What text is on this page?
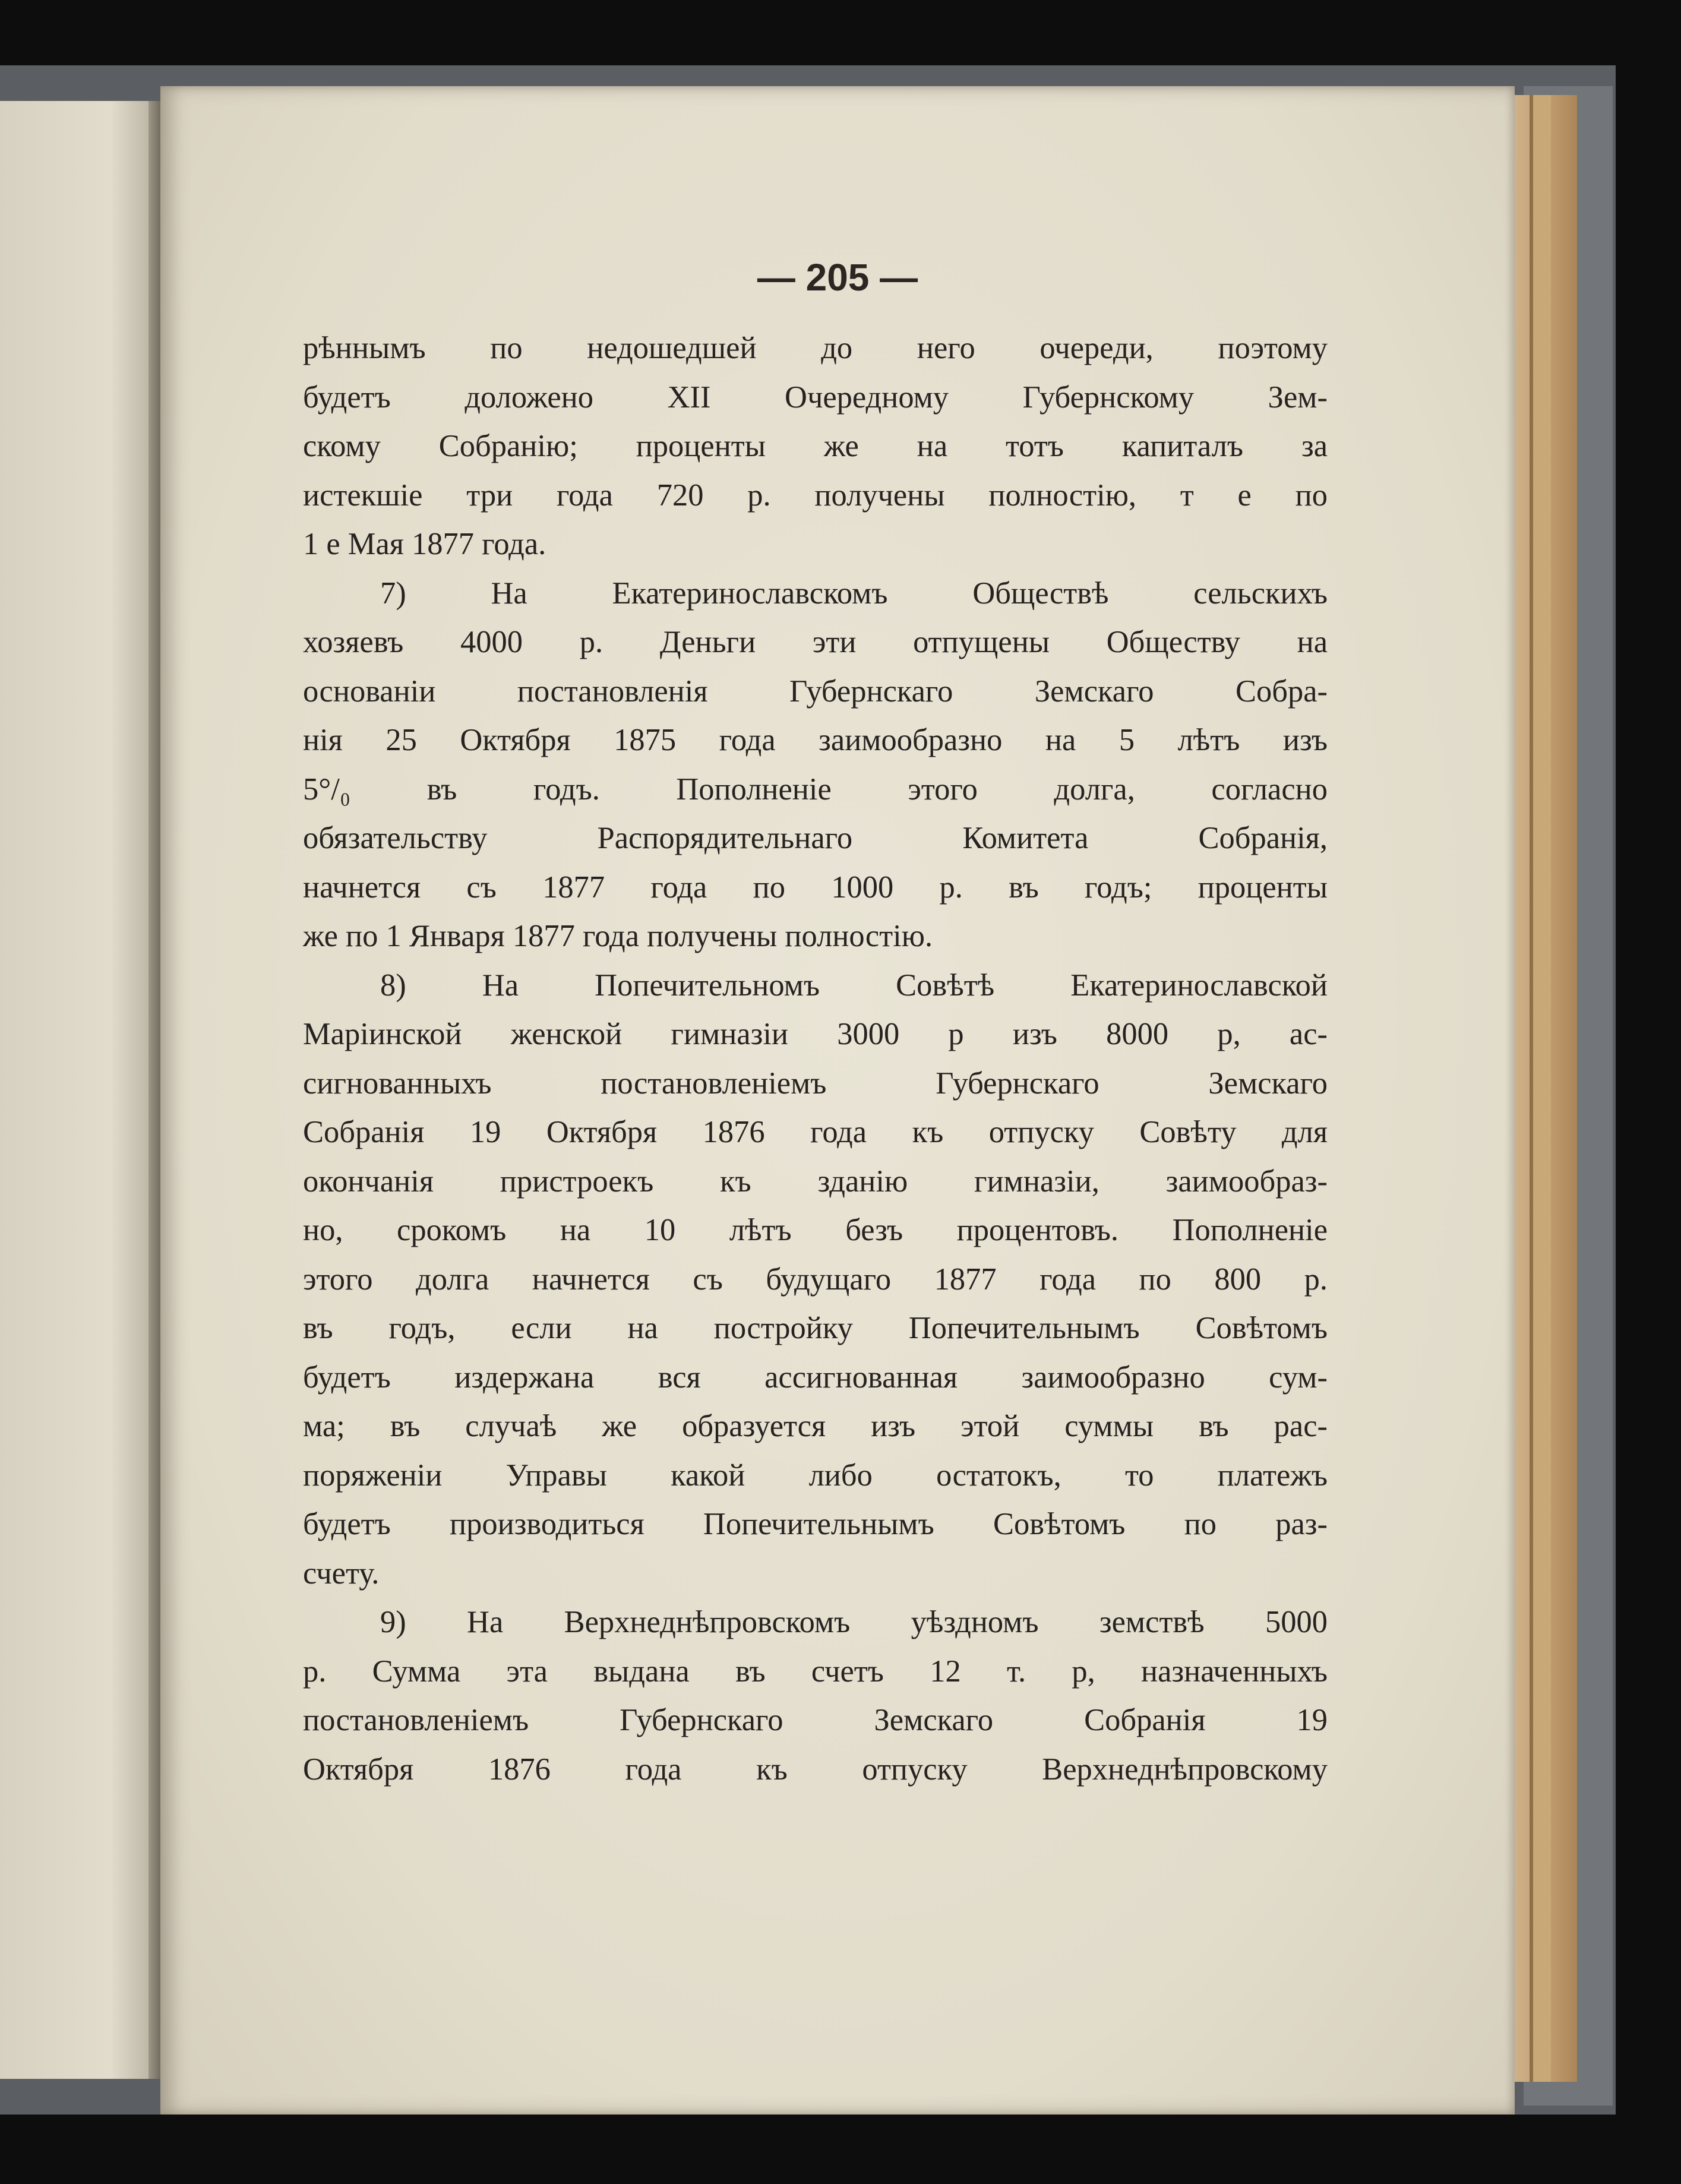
— 205 —

рѣннымъ по недошедшей до него очереди, поэтому
будетъ доложено XII Очередному Губернскому Зем-
скому Собранію; проценты же на тотъ капиталъ за
истекшіе три года 720 р. получены полностію, т е по
1 е Мая 1877 года.
7) На Екатеринославскомъ Обществѣ сельскихъ
хозяевъ 4000 р. Деньги эти отпущены Обществу на
основаніи постановленія Губернскаго Земскаго Собра-
нія 25 Октября 1875 года заимообразно на 5 лѣтъ изъ
5°/₀ въ годъ. Пополненіе этого долга, согласно
обязательству Распорядительнаго Комитета Собранія,
начнется съ 1877 года по 1000 р. въ годъ; проценты
же по 1 Января 1877 года получены полностію.
8) На Попечительномъ Совѣтѣ Екатеринославской
Маріинской женской гимназіи 3000 р изъ 8000 р, ас-
сигнованныхъ постановленіемъ Губернскаго Земскаго
Собранія 19 Октября 1876 года къ отпуску Совѣту для
окончанія пристроекъ къ зданію гимназіи, заимообраз-
но, срокомъ на 10 лѣтъ безъ процентовъ. Пополненіе
этого долга начнется съ будущаго 1877 года по 800 р.
въ годъ, если на постройку Попечительнымъ Совѣтомъ
будетъ издержана вся ассигнованная заимообразно сум-
ма; въ случаѣ же образуется изъ этой суммы въ рас-
поряженіи Управы какой либо остатокъ, то платежъ
будетъ производиться Попечительнымъ Совѣтомъ по раз-
счету.
9) На Верхнеднѣпровскомъ уѣздномъ земствѣ 5000
р. Сумма эта выдана въ счетъ 12 т. р, назначенныхъ
постановленіемъ Губернскаго Земскаго Собранія 19
Октября 1876 года къ отпуску Верхнеднѣпровскому
